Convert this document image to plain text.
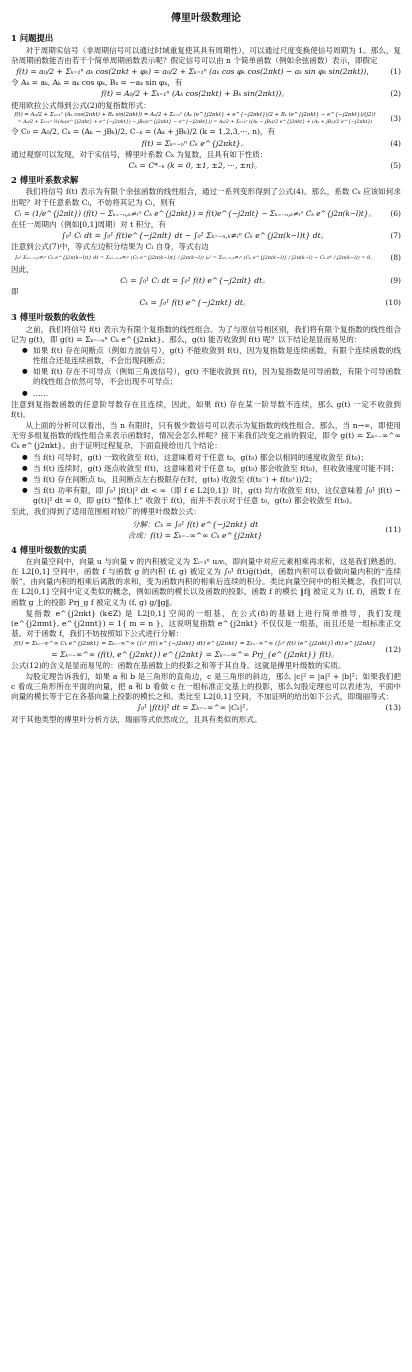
傅里叶级数理论
1 问题提出

对于周期实信号（非周期信号可以通过时域重复使其具有周期性），可以通过尺度变换使信号周期为 1。那么，复杂周期函数能否由若干个简单周期函数表示呢？假定信号可以由 n 个简单函数（例如余弦函数）表示，即假定

f(t) = a₀/2 + Σₖ₌₁ⁿ aₖ cos(2πkt + φₖ) = a₀/2 + Σₖ₌₁ⁿ (aₖ cos φₖ cos(2πkt) − aₖ sin φₖ sin(2πkt))，	(1)

令 Aₖ = aₖ, Aₖ = aₖ cos φₖ, Bₖ = −aₖ sin φₖ，有

f(t) = A₀/2 + Σₖ₌₁ⁿ (Aₖ cos(2πkt) + Bₖ sin(2πkt))。	(2)

使用欧拉公式得到公式(2)的复指数形式：

f(t) = A₀/2 + Σₖ₌₁ⁿ (Aₖ cos(2πkt) + Bₖ sin(2πkt)) = A₀/2 + Σₖ₌₁ⁿ (Aₖ (e^{j2πkt} + e^{−j2πkt})/2 + Bₖ (e^{j2πkt} − e^{−j2πkt})/(j2))
= A₀/2 + Σₖ₌₁ⁿ ½(Aₖ(e^{j2πkt} + e^{−j2πkt}) − jBₖ(e^{j2πkt} − e^{−j2πkt})) = A₀/2 + Σₖ₌₁ⁿ ((Aₖ − jBₖ)/2 e^{j2πkt} + (Aₖ + jBₖ)/2 e^{−j2πkt})	(3)

令 C₀ = A₀/2, Cₖ = (Aₖ − jBₖ)/2, C₋ₖ = (Aₖ + jBₖ)/2 (k = 1,2,3,···, n)，有

f(t) = Σₖ₌₋ₙⁿ Cₖ e^{j2πkt}。	(4)

通过观察可以发现，对于实信号，傅里叶系数 Cₖ 为复数，且具有如下性质：

Cₖ = C*₋ₖ (k = 0, ±1, ±2, ···, ±n)。	(5)
2 傅里叶系数求解

我们将信号 f(t) 表示为有限个余弦函数的线性组合，通过一系列变形得到了公式(4)。那么，系数 Cₖ 应该如何求出呢？对于任意系数 Cₗ，不妨将其记为 Cₗ，则有

Cₗ = (1/e^{j2πlt}) (f(t) − Σₖ₌₋ₙ,ₖ≠ₗⁿ Cₖ e^{j2πkt}) = f(t)e^{−j2πlt} − Σₖ₌₋ₙ,ₖ≠ₗⁿ Cₖ e^{j2π(k−l)t}。	(6)

在任一周期内（例如[0,1]周期）对 t 积分，有

∫₀¹ Cₗ dt = ∫₀¹ f(t)e^{−j2πlt} dt − ∫₀¹ Σₖ₌₋ₙ,ₖ≠ₗⁿ Cₖ e^{j2π(k−l)t} dt。	(7)

注意到公式(7)中，等式左边积分结果为 Cₗ 自身，等式右边

∫₀¹ Σₖ₌₋ₙ,ₖ≠ₗⁿ Cₖ e^{j2π(k−l)t} dt = Σₖ₌₋ₙ,ₖ≠ₗⁿ (Cₖ e^{j2π(k−l)t} / j2π(k−l)) |₀¹ = Σₖ₌₋ₙ,ₖ≠ₗⁿ (Cₖ e^{j2π(k−l)} / j2π(k−l) − Cₖ e⁰ / j2π(k−l)) = 0。	(8)

因此，

Cₗ = ∫₀¹ Cₗ dt = ∫₀¹ f(t) e^{−j2πlt} dt。	(9)

即

Cₖ = ∫₀¹ f(t) e^{−j2πkt} dt。	(10)
3 傅里叶级数的收敛性

之前，我们将信号 f(t) 表示为有限个复指数的线性组合。为了与原信号相区别，我们将有限个复指数的线性组合记为 g(t)，即 g(t) = Σₖ₌₋ₙⁿ Cₖ e^{j2πkt}。那么，g(t) 能否收敛到 f(t) 呢？以下结论是显而易见的：

● 如果 f(t) 存在间断点（例如方波信号），g(t) 不能收敛到 f(t)，因为复指数是连续函数，有限个连续函数的线性组合还是连续函数，不会出现间断点；
● 如果 f(t) 存在不可导点（例如三角波信号），g(t) 不能收敛到 f(t)，因为复指数是可导函数，有限个可导函数的线性组合依然可导，不会出现不可导点；
● ……

注意到复指数函数的任意阶导数存在且连续，因此，如果 f(t) 存在某一阶导数不连续，那么 g(t) 一定不收敛到 f(t)。

从上面的分析可以看出，当 n 有限时，只有极少数信号可以表示为复指数的线性组合。那么，当 n→∞，即使用无穷多组复指数的线性组合来表示函数时，情况会怎么样呢？接下来我们改变之前的假定，即令 g(t) = Σₖ₌₋∞^∞ Cₖ e^{j2πkt}。由于证明过程复杂，下面直接给出几个结论：

● 当 f(t) 可导时，g(t) 一致收敛至 f(t)，这意味着对于任意 t₀，g(t₀) 都会以相同的速度收敛至 f(t₀)；
● 当 f(t) 连续时，g(t) 逐点收敛至 f(t)，这意味着对于任意 t₀，g(t₀) 都会收敛至 f(t₀)，但收敛速度可能不同；
● 当 f(t) 存在间断点 t₀，且间断点左右极限存在时，g(t₀) 收敛至 (f(t₀⁻) + f(t₀⁺))/2；
● 当 f(t) 功率有限，即 ∫₀¹ |f(t)|² dt < ∞（即 f ∈ L2[0,1]）时，g(t) 均方收敛至 f(t)，这仅意味着 ∫₀¹ |f(t) − g(t)|² dt = 0，即 g(t) “整体上” 收敛于 f(t)，而并不表示对于任意 t₀，g(t₀) 都会收敛至 f(t₀)。

至此，我们得到了适用范围相对较广的傅里叶级数公式：

分解：Cₖ = ∫₀¹ f(t) e^{−j2πkt} dt
合成：f(t) = Σₖ₌₋∞^∞ Cₖ e^{j2πkt}
(11)
4 傅里叶级数的实质

在向量空间中，向量 u 与向量 v 的内积被定义为 Σᵢ₌₁ⁿ uᵢvᵢ，即向量中对应元素相乘再求和，这是我们熟悉的。在 L2[0,1] 空间中，函数 f 与函数 g 的内积 (f, g) 被定义为 ∫₀¹ f(t)g̅(t)dt，函数内积可以看做向量内积的“连续版”，由向量内积的相乘后离散的求和，变为函数内积的相乘后连续的积分。类比向量空间中的相关概念，我们可以在 L2[0,1] 空间中定义类似的概念，例如函数的模长以及函数的投影。函数 f 的模长 ‖f‖ 被定义为 (f, f)，函数 f 在函数 g 上的投影 Prj_g f 被定义为 (f, g) g/‖g‖。

复指数 e^{j2πkt} (k∈Z) 是 L2[0,1] 空间的一组基，在公式(8)的基础上进行简单推导，我们发现 (e^{j2πmt}, e^{j2πnt}) = 1{ m = n }，这说明复指数 e^{j2πkt} 不仅仅是一组基，而且还是一组标准正交基。对于函数 f，我们不妨按照如下公式进行分解：

f(t) = Σₖ₌₋∞^∞ Cₖ e^{j2πkt} = Σₖ₌₋∞^∞ (∫₀¹ f(t) e^{−j2πkt} dt) e^{j2πkt} = Σₖ₌₋∞^∞ (∫₀¹ f(t) (e^{j2πkt})̅ dt) e^{j2πkt}
= Σₖ₌₋∞^∞ (f(t), e^{j2πkt}) e^{j2πkt} = Σₖ₌₋∞^∞ Prj_{e^{j2πkt}} f(t)。
(12)

公式(12)的含义是显而易见的：函数在基函数上的投影之和等于其自身。这就是傅里叶级数的实质。

勾股定理告诉我们，如果 a 和 b 是三角形的直角边，c 是三角形的斜边，那么 |c|² = |a|² + |b|²；如果我们把 c 看成三角形所在平面的向量，把 a 和 b 看做 c 在一组标准正交基上的投影，那么勾股定理也可以表述为，平面中向量的模长等于它在各基向量上投影的模长之和。类比至 L2[0,1] 空间，不加证明的给出如下公式，即瑞丽等式：

∫₀¹ |f(t)|² dt = Σₖ₌₋∞^∞ |Cₖ|²。	(13)

对于其他类型的傅里叶分析方法，瑞丽等式依然成立，且具有类似的形式。
